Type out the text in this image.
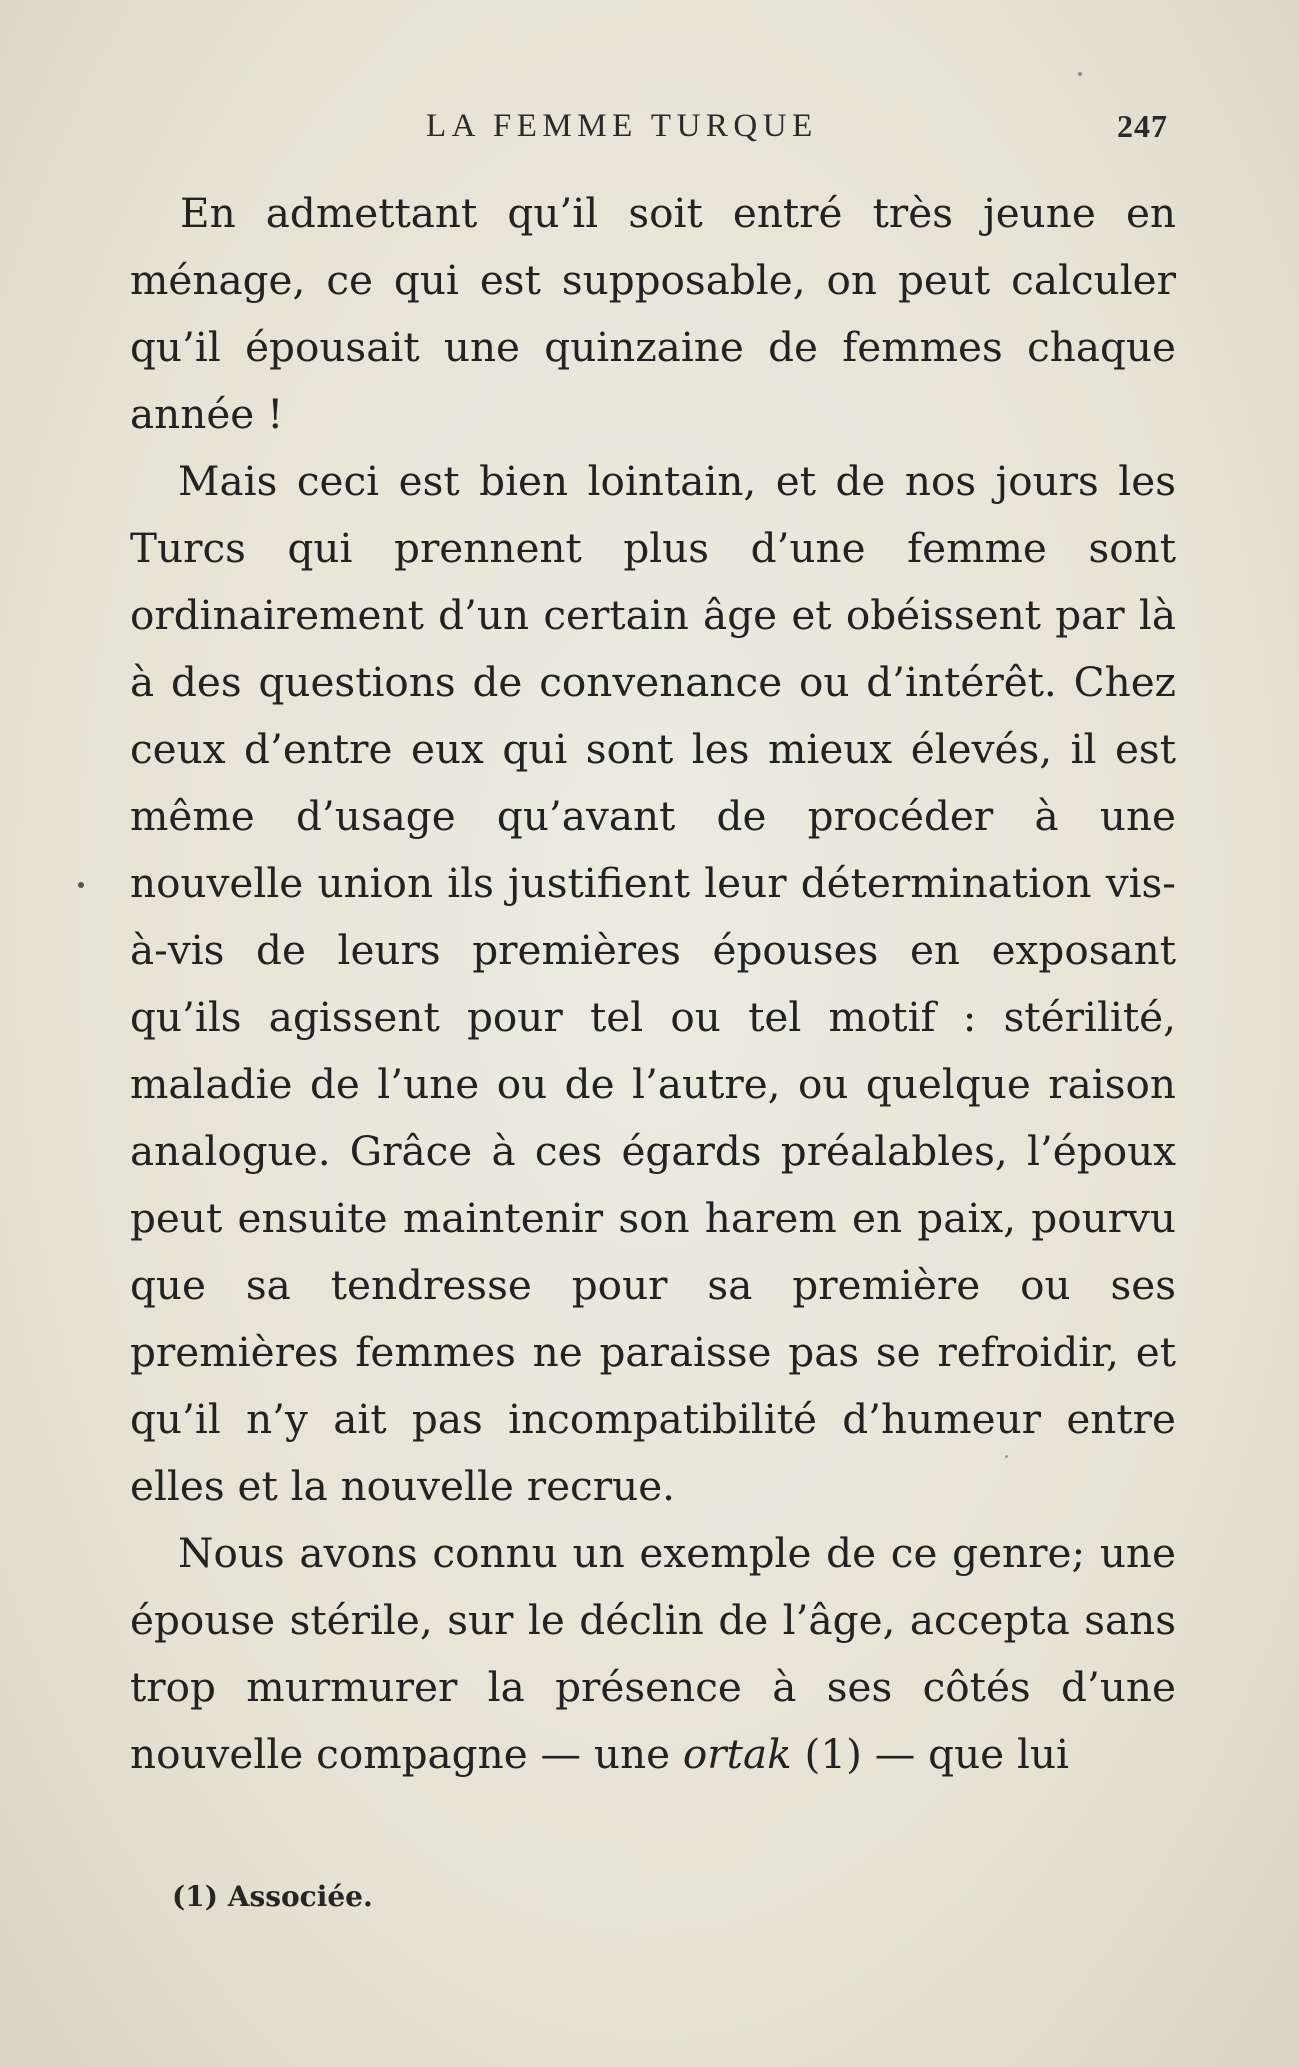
LA FEMME TURQUE	247

En admettant qu’il soit entré très jeune en ménage, ce qui est supposable, on peut calculer qu’il épousait une quinzaine de femmes chaque année !

Mais ceci est bien lointain, et de nos jours les Turcs qui prennent plus d’une femme sont ordinairement d’un certain âge et obéissent par là à des questions de convenance ou d’intérêt. Chez ceux d’entre eux qui sont les mieux élevés, il est même d’usage qu’avant de procéder à une nouvelle union ils justifient leur détermination vis-à-vis de leurs premières épouses en exposant qu’ils agissent pour tel ou tel motif : stérilité, maladie de l’une ou de l’autre, ou quelque raison analogue. Grâce à ces égards préalables, l’époux peut ensuite maintenir son harem en paix, pourvu que sa tendresse pour sa première ou ses premières femmes ne paraisse pas se refroidir, et qu’il n’y ait pas incompatibilité d’humeur entre elles et la nouvelle recrue.

Nous avons connu un exemple de ce genre; une épouse stérile, sur le déclin de l’âge, accepta sans trop murmurer la présence à ses côtés d’une nouvelle compagne — une ortak (1) — que lui

(1) Associée.
